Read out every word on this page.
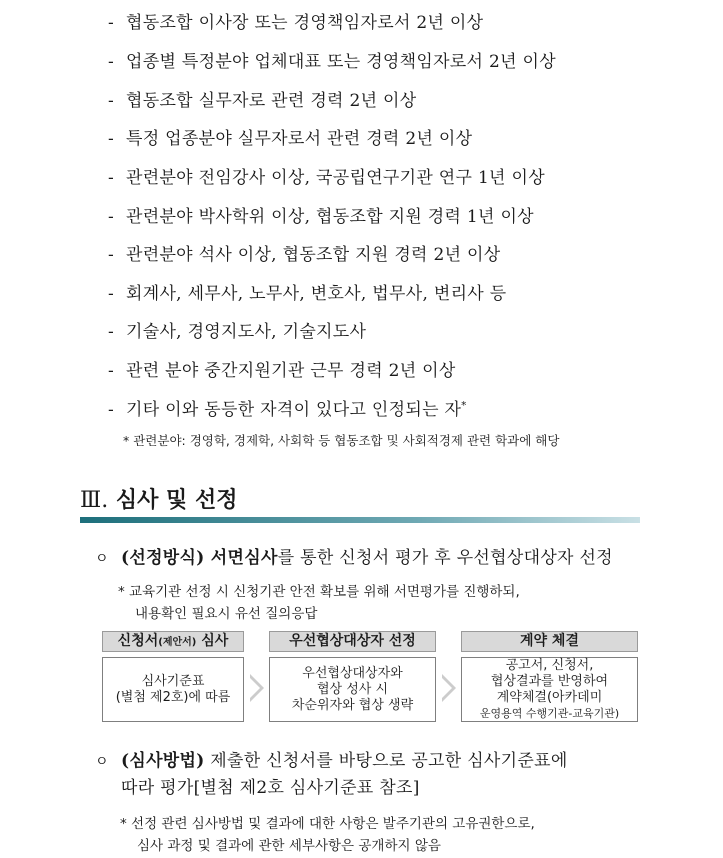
- 협동조합 이사장 또는 경영책임자로서 2년 이상
- 업종별 특정분야 업체대표 또는 경영책임자로서 2년 이상
- 협동조합 실무자로 관련 경력 2년 이상
- 특정 업종분야 실무자로서 관련 경력 2년 이상
- 관련분야 전임강사 이상, 국공립연구기관 연구 1년 이상
- 관련분야 박사학위 이상, 협동조합 지원 경력 1년 이상
- 관련분야 석사 이상, 협동조합 지원 경력 2년 이상
- 회계사, 세무사, 노무사, 변호사, 법무사, 변리사 등
- 기술사, 경영지도사, 기술지도사
- 관련 분야 중간지원기관 근무 경력 2년 이상
- 기타 이와 동등한 자격이 있다고 인정되는 자*
* 관련분야: 경영학, 경제학, 사회학 등 협동조합 및 사회적경제 관련 학과에 해당
Ⅲ. 심사 및 선정
ㅇ (선정방식) 서면심사를 통한 신청서 평가 후 우선협상대상자 선정
* 교육기관 선정 시 신청기관 안전 확보를 위해 서면평가를 진행하되,
내용확인 필요시 유선 질의응답
신청서(제안서) 심사
심사기준표
(별첨 제2호)에 따름
우선협상대상자 선정
우선협상대상자와
협상 성사 시
차순위자와 협상 생략
계약 체결
공고서, 신청서,
협상결과를 반영하여
계약체결(아카데미
운영용역 수행기관-교육기관)
ㅇ (심사방법) 제출한 신청서를 바탕으로 공고한 심사기준표에
따라 평가[별첨 제2호 심사기준표 참조]
* 선정 관련 심사방법 및 결과에 대한 사항은 발주기관의 고유권한으로,
심사 과정 및 결과에 관한 세부사항은 공개하지 않음
